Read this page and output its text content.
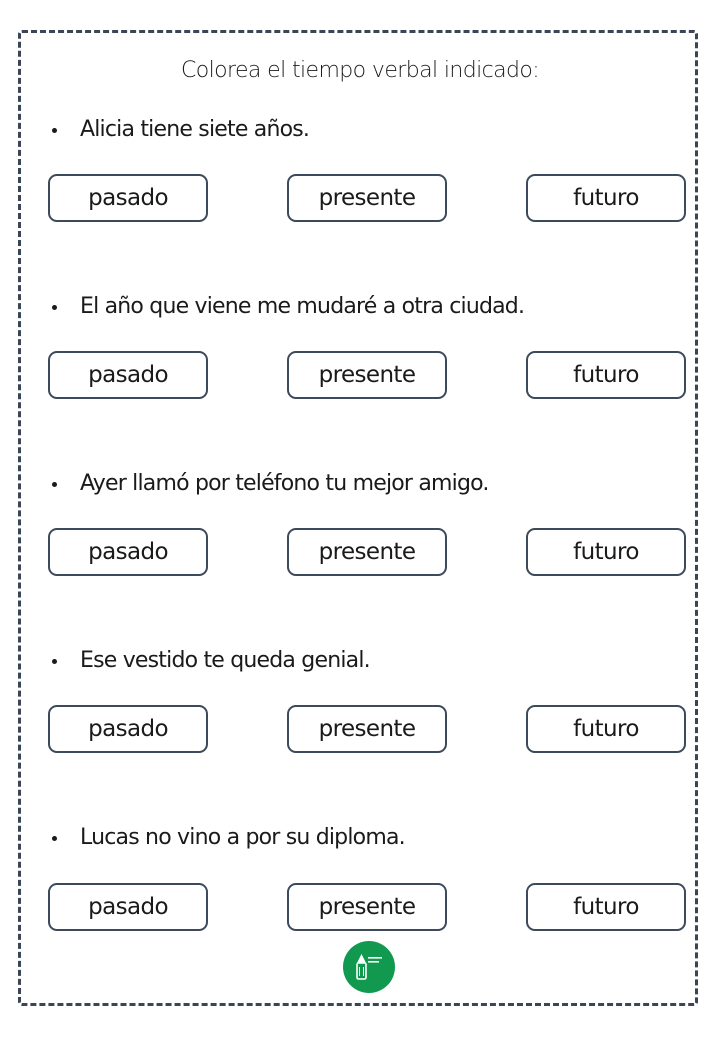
Colorea el tiempo verbal indicado:
Alicia tiene siete años.
pasado	presente	futuro
El año que viene me mudaré a otra ciudad.
pasado	presente	futuro
Ayer llamó por teléfono tu mejor amigo.
pasado	presente	futuro
Ese vestido te queda genial.
pasado	presente	futuro
Lucas no vino a por su diploma.
pasado	presente	futuro
